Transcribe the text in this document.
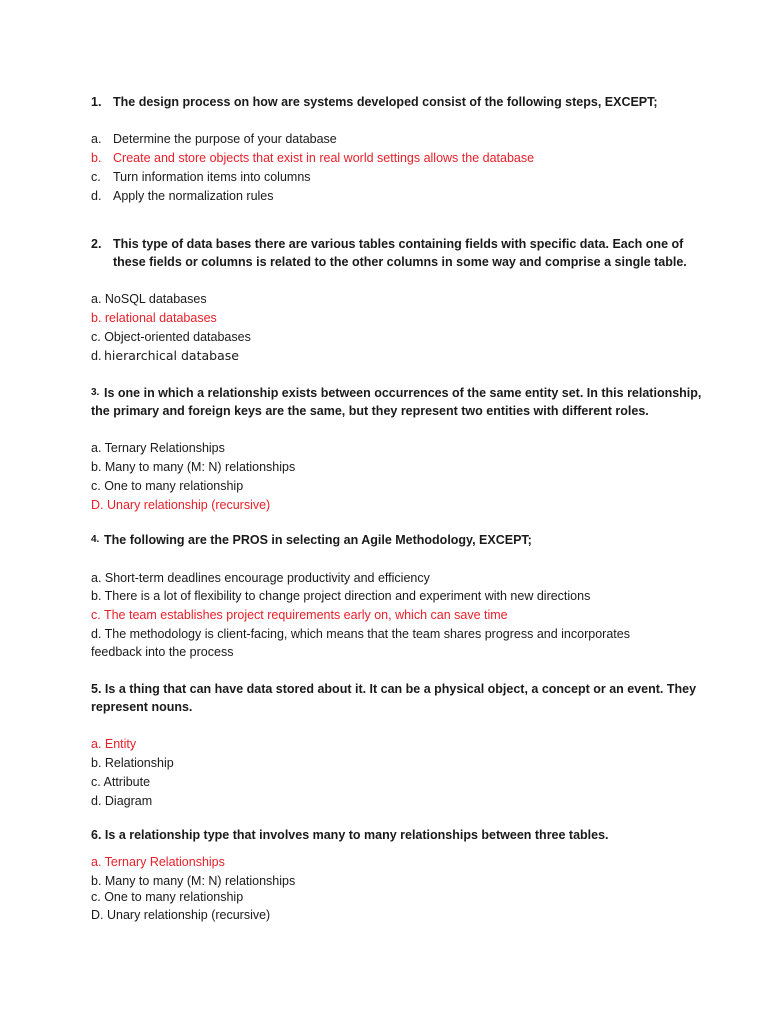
1. The design process on how are systems developed consist of the following steps, EXCEPT;
a. Determine the purpose of your database
b. Create and store objects that exist in real world settings allows the database
c. Turn information items into columns
d. Apply the normalization rules
2. This type of data bases there are various tables containing fields with specific data. Each one of
these fields or columns is related to the other columns in some way and comprise a single table.
a. NoSQL databases
b. relational databases
c. Object-oriented databases
d. hierarchical database
3. Is one in which a relationship exists between occurrences of the same entity set. In this relationship,
the primary and foreign keys are the same, but they represent two entities with different roles.
a. Ternary Relationships
b. Many to many (M: N) relationships
c. One to many relationship
D. Unary relationship (recursive)
4. The following are the PROS in selecting an Agile Methodology, EXCEPT;
a. Short-term deadlines encourage productivity and efficiency
b. There is a lot of flexibility to change project direction and experiment with new directions
c. The team establishes project requirements early on, which can save time
d. The methodology is client-facing, which means that the team shares progress and incorporates
feedback into the process
5. Is a thing that can have data stored about it. It can be a physical object, a concept or an event. They
represent nouns.
a. Entity
b. Relationship
c. Attribute
d. Diagram
6. Is a relationship type that involves many to many relationships between three tables.
a. Ternary Relationships
b. Many to many (M: N) relationships
c. One to many relationship
D. Unary relationship (recursive)
